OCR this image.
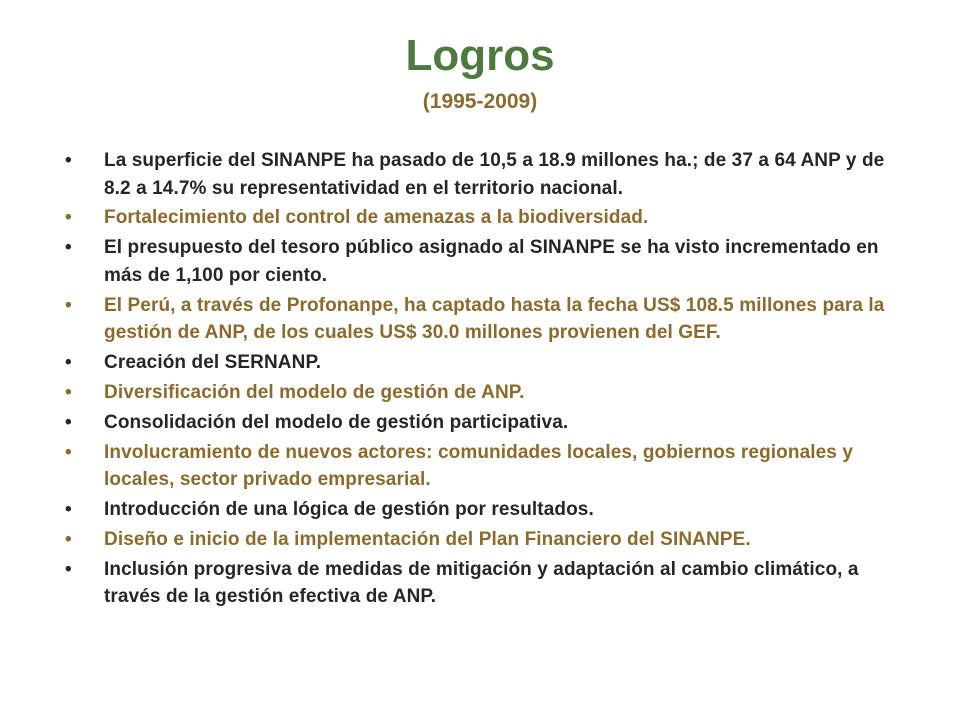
Logros
(1995-2009)
• La superficie del SINANPE ha pasado de 10,5 a 18.9 millones ha.; de 37 a 64 ANP y de 8.2 a 14.7% su representatividad en el territorio nacional.
• Fortalecimiento del control de amenazas a la biodiversidad.
• El presupuesto del tesoro público asignado al SINANPE se ha visto incrementado en más de 1,100 por ciento.
• El Perú, a través de Profonanpe, ha captado hasta la fecha US$ 108.5 millones para la gestión de ANP, de los cuales US$ 30.0 millones provienen del GEF.
• Creación del SERNANP.
• Diversificación del modelo de gestión de ANP.
• Consolidación del modelo de gestión participativa.
• Involucramiento de nuevos actores: comunidades locales, gobiernos regionales y locales, sector privado empresarial.
• Introducción de una lógica de gestión por resultados.
• Diseño e inicio de la implementación del Plan Financiero del SINANPE.
• Inclusión progresiva de medidas de mitigación y adaptación al cambio climático, a través de la gestión efectiva de ANP.
